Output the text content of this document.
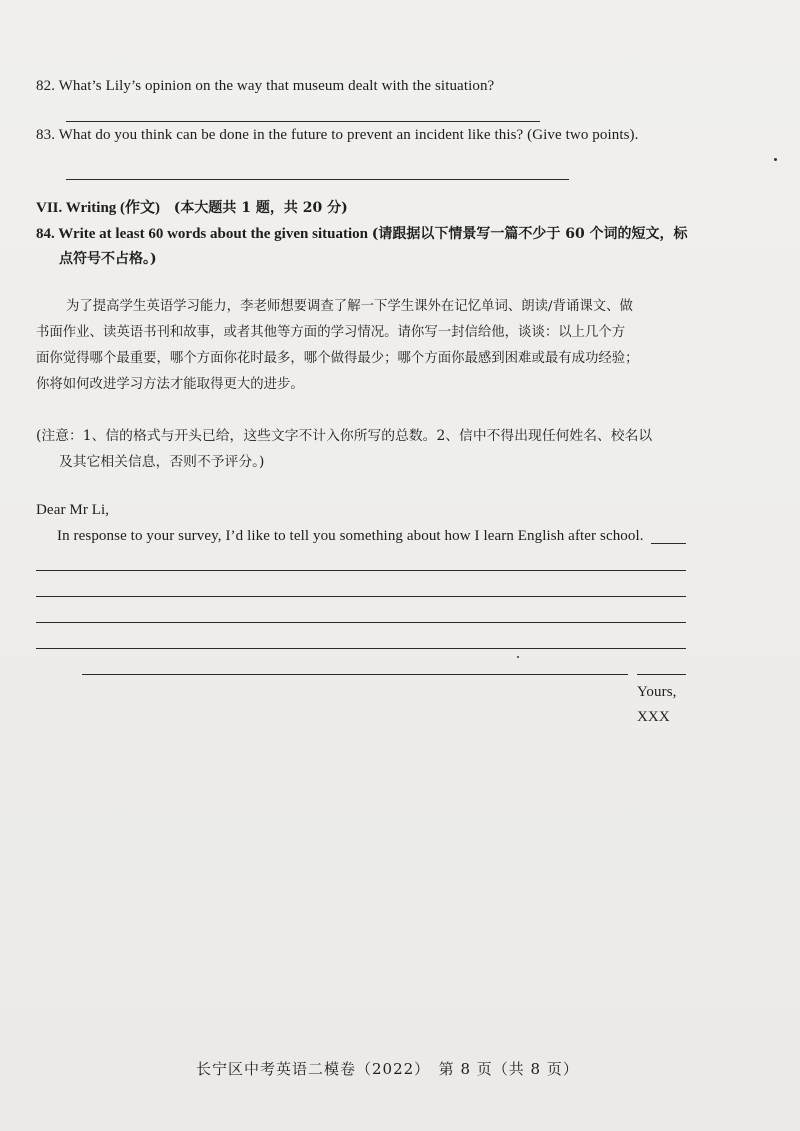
82. What’s Lily’s opinion on the way that museum dealt with the situation?
83. What do you think can be done in the future to prevent an incident like this? (Give two points).
VII. Writing (作文) (本大题共 1 题，共 20 分)
84. Write at least 60 words about the given situation (请跟据以下情景写一篇不少于 60 个词的短文，标
点符号不占格。)
为了提高学生英语学习能力，李老师想要调查了解一下学生课外在记忆单词、朗读/背诵课文、做
书面作业、读英语书刊和故事，或者其他等方面的学习情况。请你写一封信给他，谈谈：以上几个方
面你觉得哪个最重要，哪个方面你花时最多，哪个做得最少；哪个方面你最感到困难或最有成功经验；
你将如何改进学习方法才能取得更大的进步。
(注意：1、信的格式与开头已给，这些文字不计入你所写的总数。2、信中不得出现任何姓名、校名以
及其它相关信息，否则不予评分。)
Dear Mr Li,
In response to your survey, I’d like to tell you something about how I learn English after school.
Yours,
XXX
长宁区中考英语二模卷（2022）　第 8 页（共 8 页）
